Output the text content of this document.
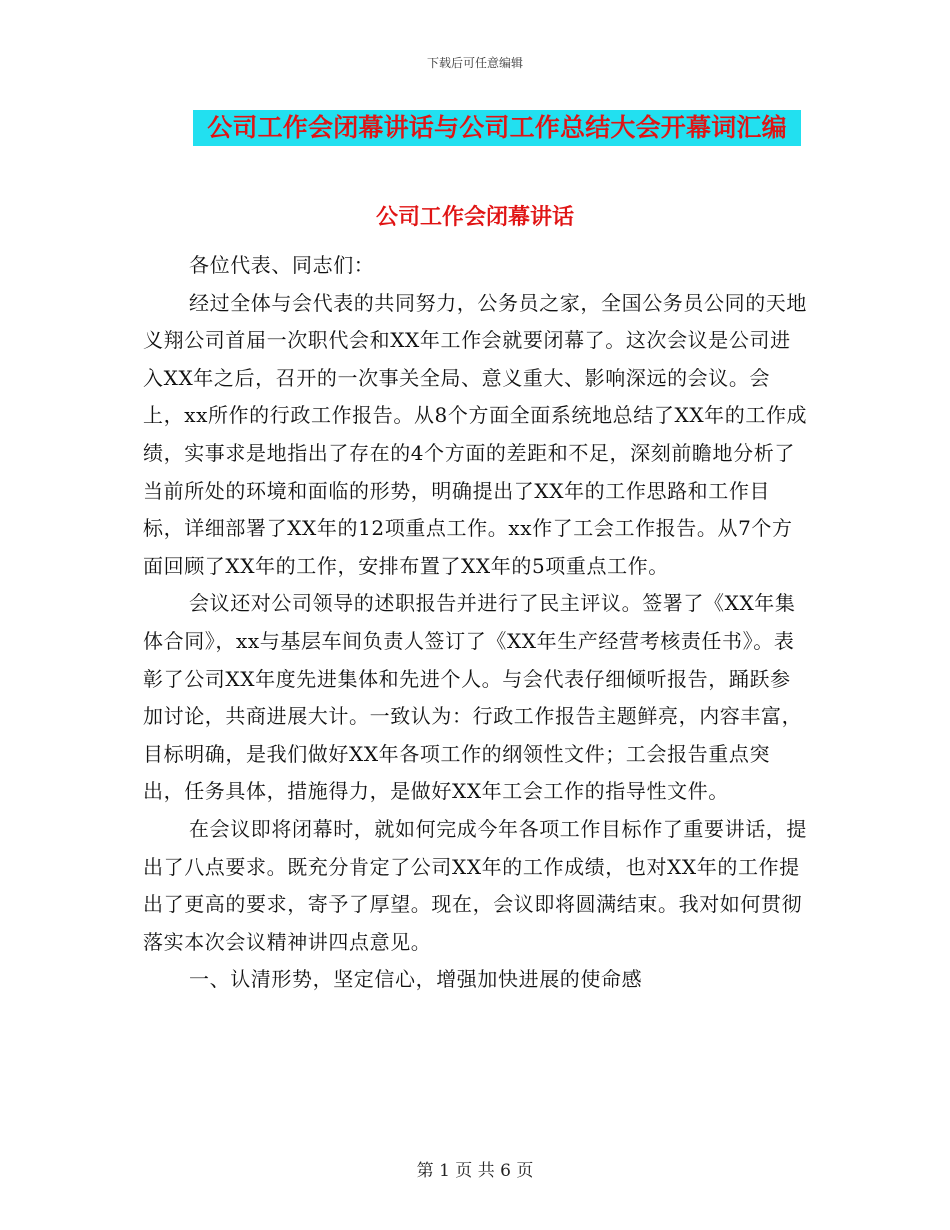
下载后可任意编辑
公司工作会闭幕讲话与公司工作总结大会开幕词汇编
公司工作会闭幕讲话

各位代表、同志们：

经过全体与会代表的共同努力，公务员之家，全国公务员公同的天地义翔公司首届一次职代会和XX年工作会就要闭幕了。这次会议是公司进入XX年之后，召开的一次事关全局、意义重大、影响深远的会议。会上，xx所作的行政工作报告。从8个方面全面系统地总结了XX年的工作成绩，实事求是地指出了存在的4个方面的差距和不足，深刻前瞻地分析了当前所处的环境和面临的形势，明确提出了XX年的工作思路和工作目标，详细部署了XX年的12项重点工作。xx作了工会工作报告。从7个方面回顾了XX年的工作，安排布置了XX年的5项重点工作。

会议还对公司领导的述职报告并进行了民主评议。签署了《XX年集体合同》，xx与基层车间负责人签订了《XX年生产经营考核责任书》。表彰了公司XX年度先进集体和先进个人。与会代表仔细倾听报告，踊跃参加讨论，共商进展大计。一致认为：行政工作报告主题鲜亮，内容丰富，目标明确，是我们做好XX年各项工作的纲领性文件；工会报告重点突出，任务具体，措施得力，是做好XX年工会工作的指导性文件。

在会议即将闭幕时，就如何完成今年各项工作目标作了重要讲话，提出了八点要求。既充分肯定了公司XX年的工作成绩，也对XX年的工作提出了更高的要求，寄予了厚望。现在，会议即将圆满结束。我对如何贯彻落实本次会议精神讲四点意见。

一、认清形势，坚定信心，增强加快进展的使命感

第 1 页 共 6 页
